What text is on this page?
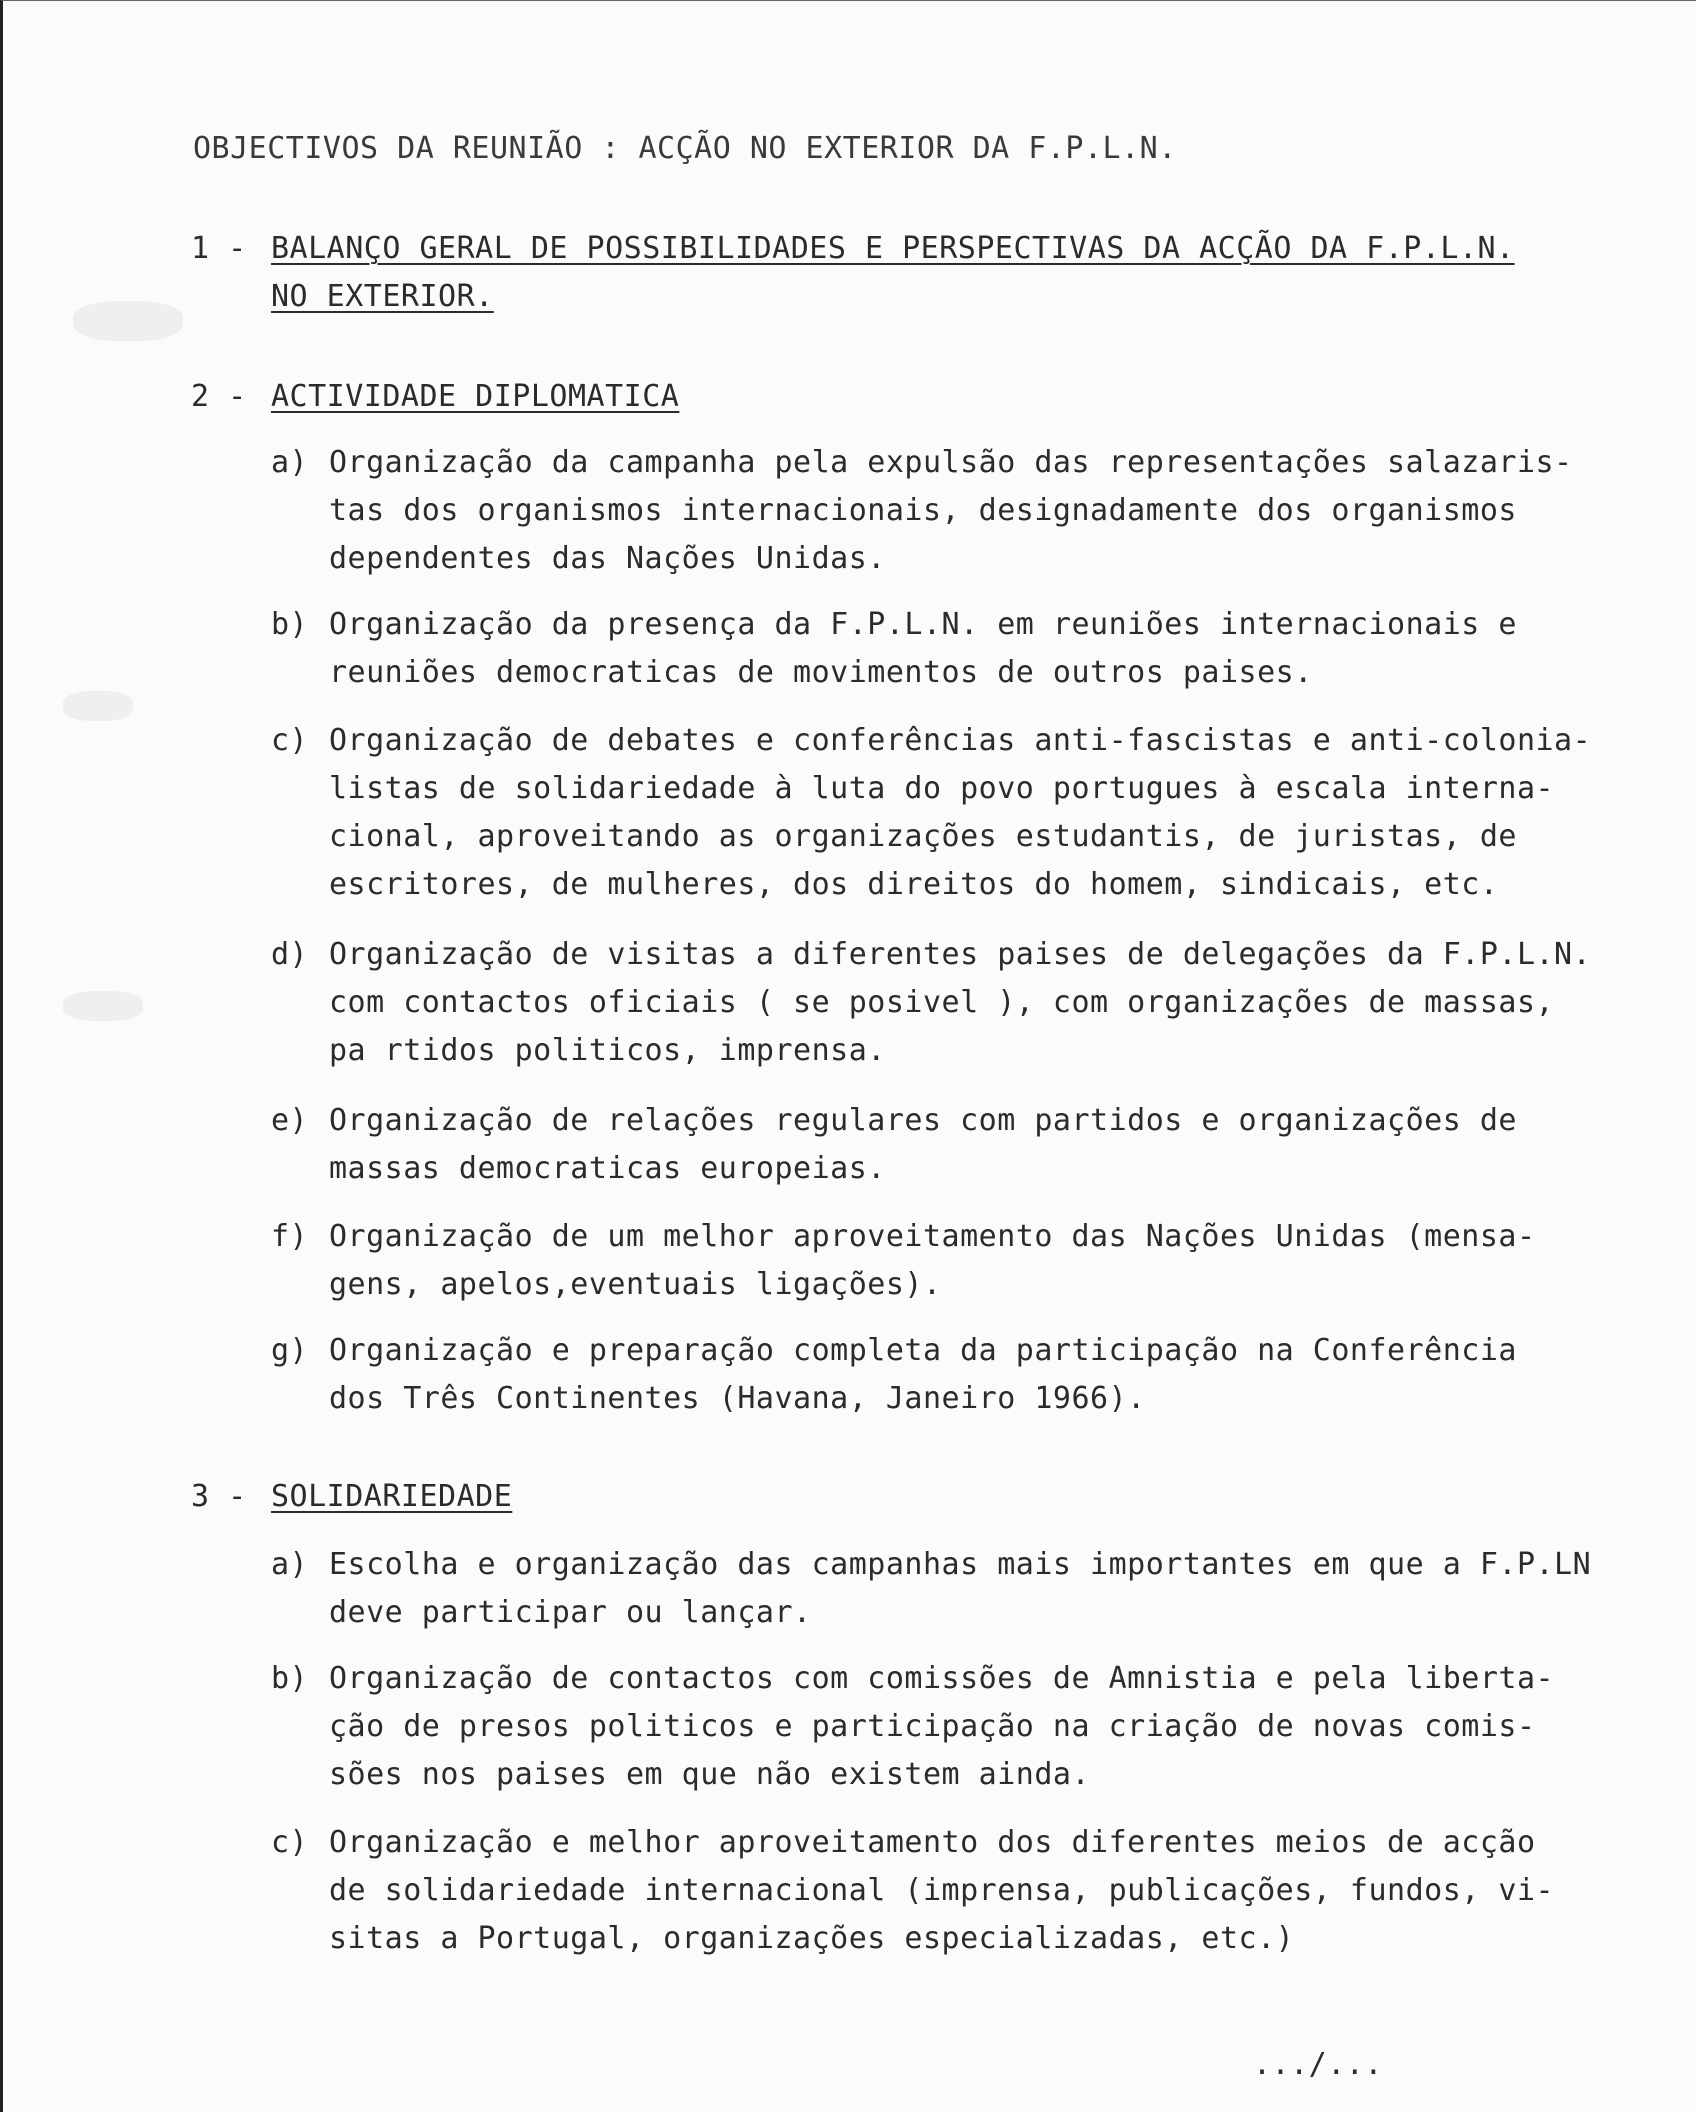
OBJECTIVOS DA REUNIÃO : ACÇÃO NO EXTERIOR DA F.P.L.N.
1 - BALANÇO GERAL DE POSSIBILIDADES E PERSPECTIVAS DA ACÇÃO DA F.P.L.N.
NO EXTERIOR.
2 - ACTIVIDADE DIPLOMATICA
a) Organização da campanha pela expulsão das representações salazaris-
tas dos organismos internacionais, designadamente dos organismos
dependentes das Nações Unidas.
b) Organização da presença da F.P.L.N. em reuniões internacionais e
reuniões democraticas de movimentos de outros paises.
c) Organização de debates e conferências anti-fascistas e anti-colonia-
listas de solidariedade à luta do povo portugues à escala interna-
cional, aproveitando as organizações estudantis, de juristas, de
escritores, de mulheres, dos direitos do homem, sindicais, etc.
d) Organização de visitas a diferentes paises de delegações da F.P.L.N.
com contactos oficiais ( se posivel ), com organizações de massas,
pa rtidos politicos, imprensa.
e) Organização de relações regulares com partidos e organizações de
massas democraticas europeias.
f) Organização de um melhor aproveitamento das Nações Unidas (mensa-
gens, apelos,eventuais ligações).
g) Organização e preparação completa da participação na Conferência
dos Três Continentes (Havana, Janeiro 1966).
3 - SOLIDARIEDADE
a) Escolha e organização das campanhas mais importantes em que a F.P.LN
deve participar ou lançar.
b) Organização de contactos com comissões de Amnistia e pela liberta-
ção de presos politicos e participação na criação de novas comis-
sões nos paises em que não existem ainda.
c) Organização e melhor aproveitamento dos diferentes meios de acção
de solidariedade internacional (imprensa, publicações, fundos, vi-
sitas a Portugal, organizações especializadas, etc.)
.../...
